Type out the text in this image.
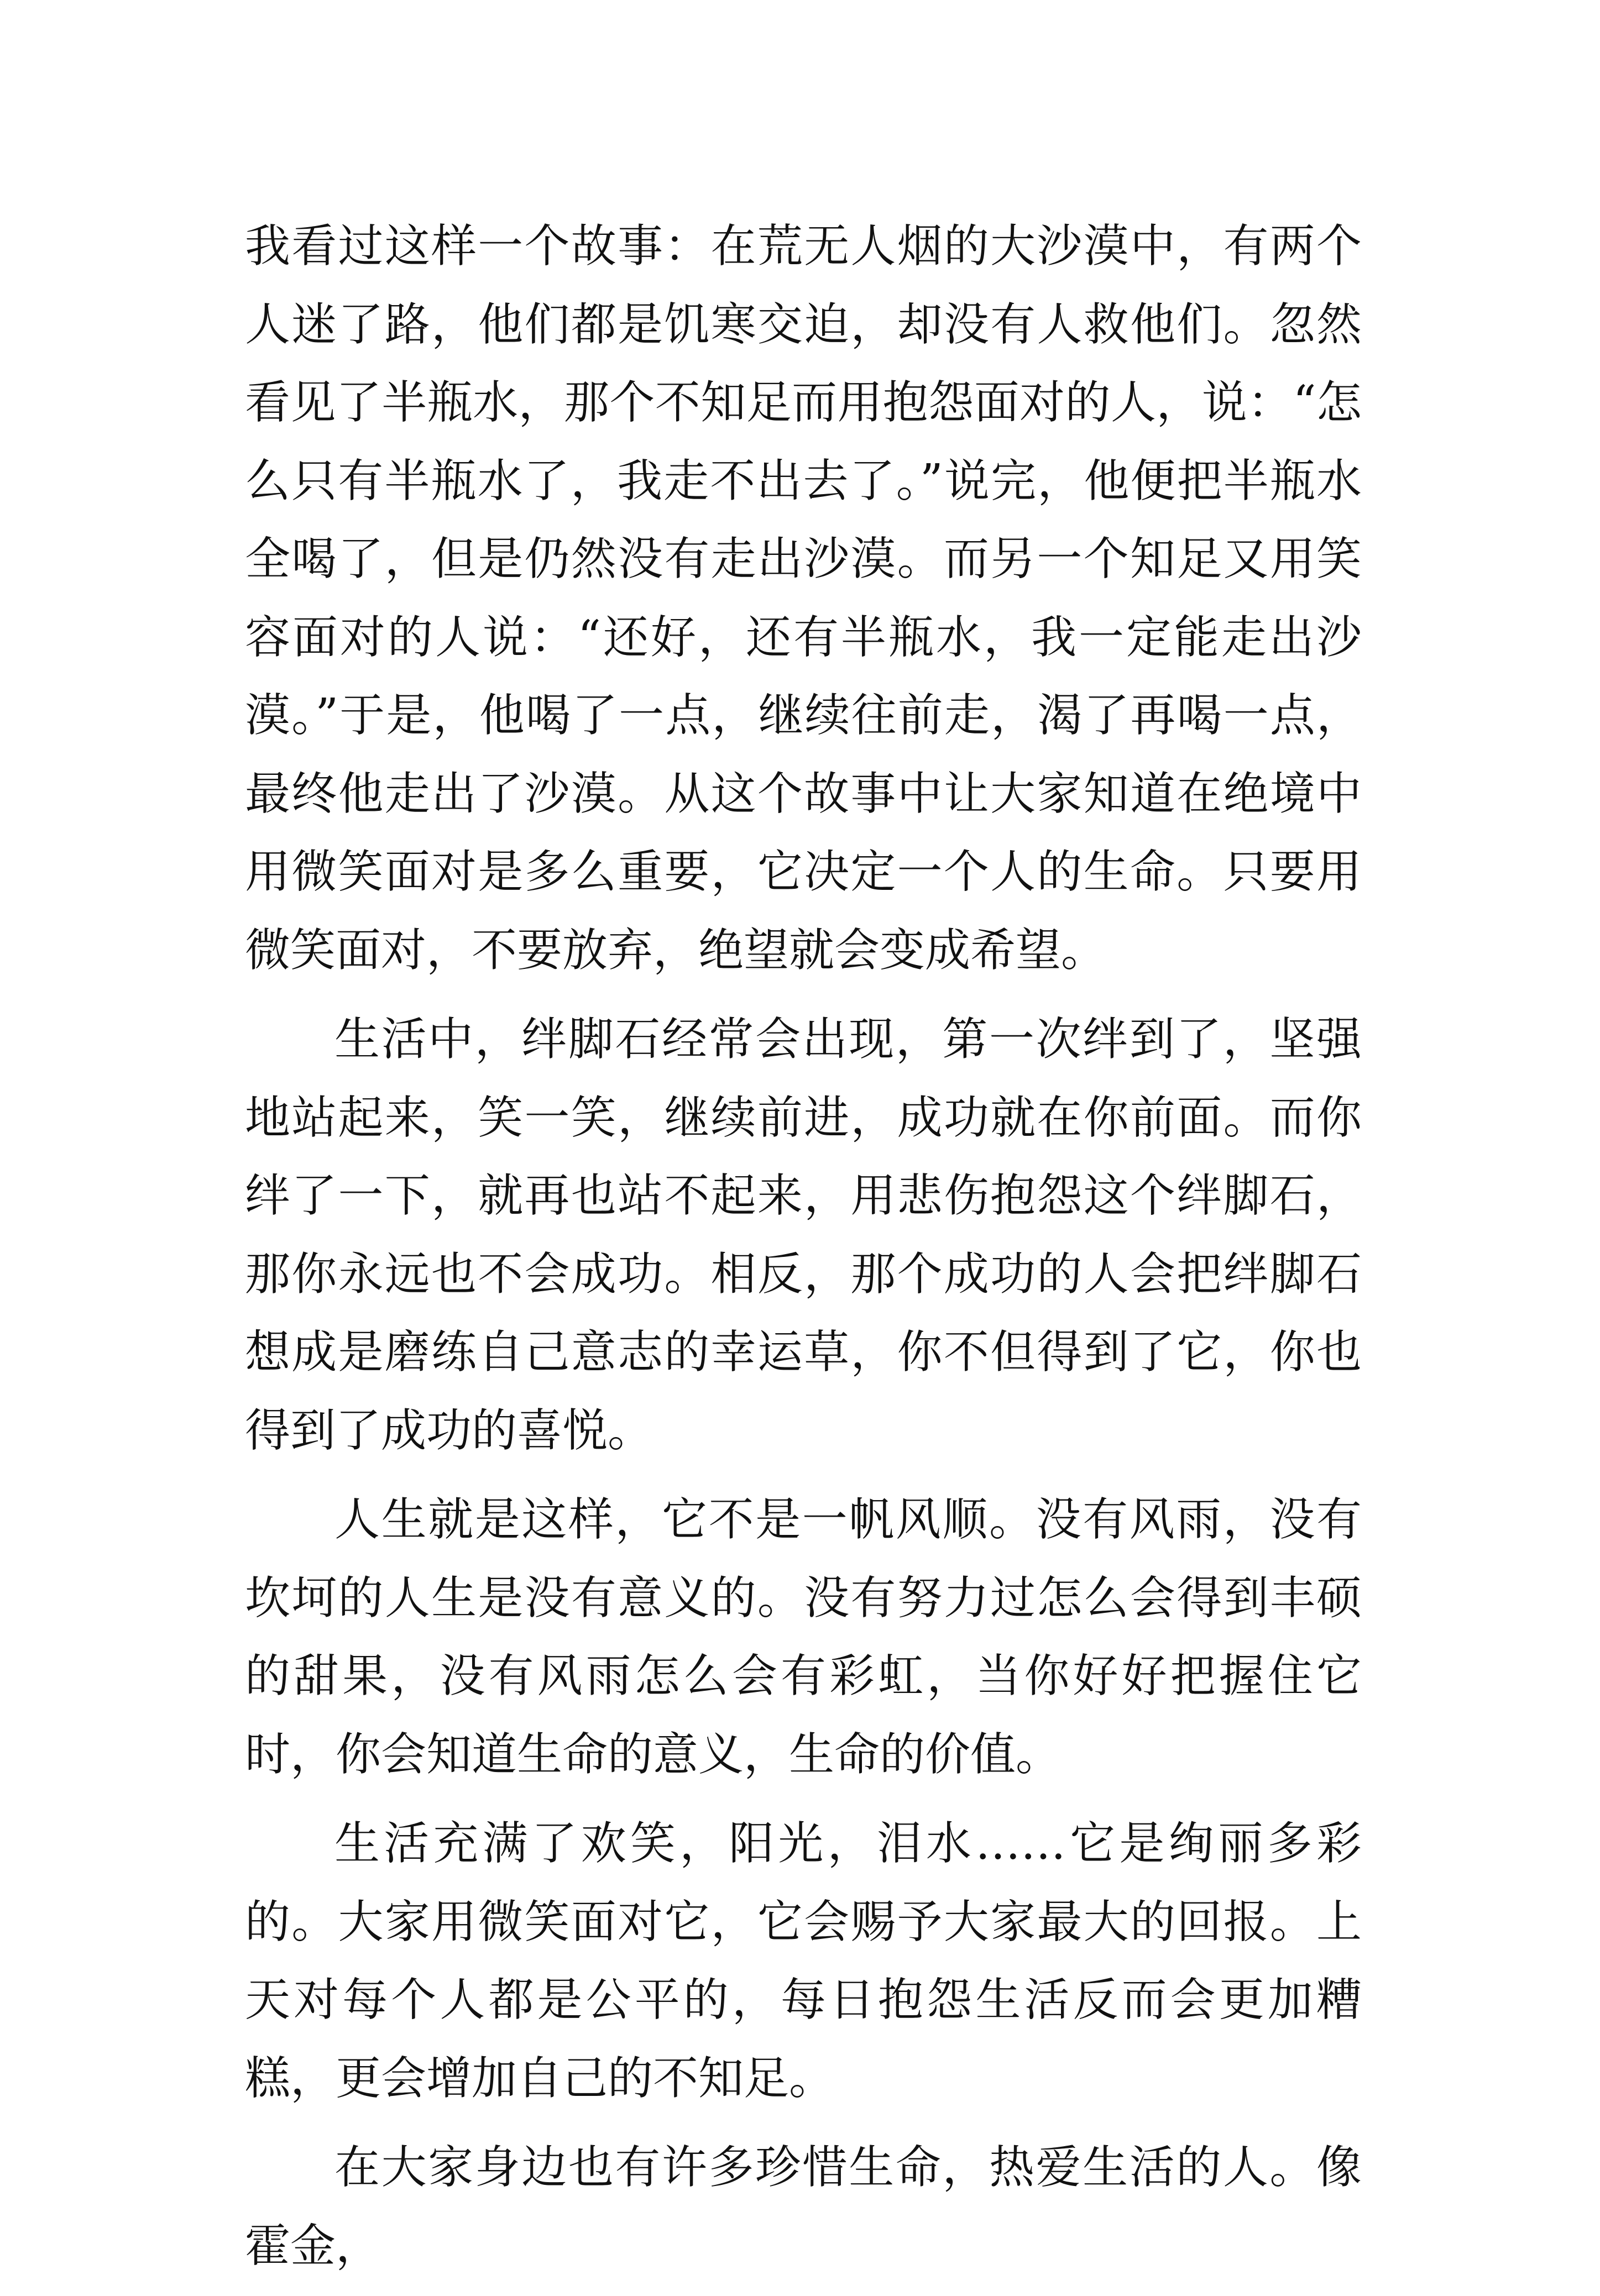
我看过这样一个故事：在荒无人烟的大沙漠中，有两个人迷了路，他们都是饥寒交迫，却没有人救他们。忽然看见了半瓶水，那个不知足而用抱怨面对的人，说：“怎么只有半瓶水了，我走不出去了。”说完，他便把半瓶水全喝了，但是仍然没有走出沙漠。而另一个知足又用笑容面对的人说：“还好，还有半瓶水，我一定能走出沙漠。”于是，他喝了一点，继续往前走，渴了再喝一点，最终他走出了沙漠。从这个故事中让大家知道在绝境中用微笑面对是多么重要，它决定一个人的生命。只要用微笑面对，不要放弃，绝望就会变成希望。

生活中，绊脚石经常会出现，第一次绊到了，坚强地站起来，笑一笑，继续前进，成功就在你前面。而你绊了一下，就再也站不起来，用悲伤抱怨这个绊脚石，那你永远也不会成功。相反，那个成功的人会把绊脚石想成是磨练自己意志的幸运草，你不但得到了它，你也得到了成功的喜悦。

人生就是这样，它不是一帆风顺。没有风雨，没有坎坷的人生是没有意义的。没有努力过怎么会得到丰硕的甜果，没有风雨怎么会有彩虹，当你好好把握住它时，你会知道生命的意义，生命的价值。

生活充满了欢笑，阳光，泪水……它是绚丽多彩的。大家用微笑面对它，它会赐予大家最大的回报。上天对每个人都是公平的，每日抱怨生活反而会更加糟糕，更会增加自己的不知足。

在大家身边也有许多珍惜生命，热爱生活的人。像霍金，
